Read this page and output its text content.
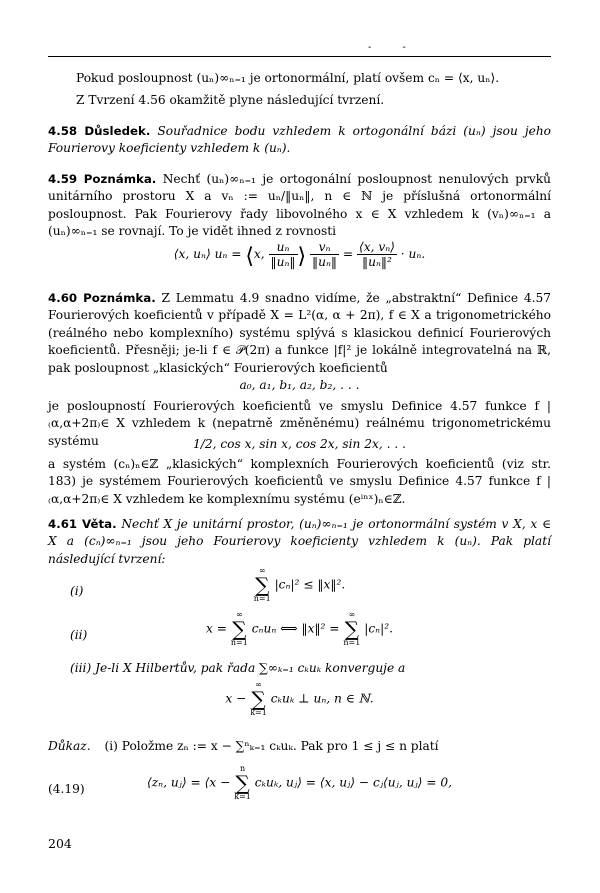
- -
Pokud posloupnost (uₙ)∞ₙ₌₁ je ortonormální, platí ovšem cₙ = ⟨x, uₙ⟩.
Z Tvrzení 4.56 okamžitě plyne následující tvrzení.
4.58 Důsledek. Souřadnice bodu vzhledem k ortogonální bázi (uₙ) jsou jeho Fourierovy koeficienty vzhledem k (uₙ).
4.59 Poznámka. Nechť (uₙ)∞ₙ₌₁ je ortogonální posloupnost nenulových prvků unitárního prostoru X a vₙ := uₙ/‖uₙ‖, n ∈ ℕ je příslušná ortonormální posloupnost. Pak Fourierovy řady libovolného x ∈ X vzhledem k (vₙ)∞ₙ₌₁ a (uₙ)∞ₙ₌₁ se rovnají. To je vidět ihned z rovnosti
⟨x, uₙ⟩ uₙ = ⟨x, $\frac{\text{uₙ}}{\text{‖uₙ‖}}$ ⟩ $\frac{\text{vₙ}}{\text{‖uₙ‖}} = \frac{\text{⟨x, vₙ⟩}}{\text{‖uₙ‖²}} \cdot u_n$.
4.60 Poznámka. Z Lemmatu 4.9 snadno vidíme, že „abstraktní“ Definice 4.57 Fourierových koeficientů v případě X = L²(α, α + 2π), f ∈ X a trigonometrického (reálného nebo komplexního) systému splývá s klasickou definicí Fourierových koeficientů. Přesněji; je-li f ∈ 𝒫(2π) a funkce |f|² je lokálně integrovatelná na ℝ, pak posloupnost „klasických“ Fourierových koeficientů
a₀, a₁, b₁, a₂, b₂, . . .
je posloupností Fourierových koeficientů ve smyslu Definice 4.57 funkce f |₍α,α+2π₎∈ X vzhledem k (nepatrně změněnému) reálnému trigonometrickému systému	1/2, cos x, sin x, cos 2x, sin 2x, . . .
a systém (cₙ)ₙ∈ℤ „klasických“ komplexních Fourierových koeficientů (viz str. 183) je systémem Fourierových koeficientů ve smyslu Definice 4.57 funkce f |₍α,α+2π₎∈ X vzhledem ke komplexnímu systému (eⁱⁿˣ)ₙ∈ℤ.
4.61 Věta. Nechť X je unitární prostor, (uₙ)∞ₙ₌₁ je ortonormální systém v X, x ∈ X a (cₙ)∞ₙ₌₁ jsou jeho Fourierovy koeficienty vzhledem k (uₙ). Pak platí následující tvrzení:
(i)
∞
∑
n=1
|cₙ|² ≤ ‖x‖².
(ii)	x =
∞
∑
n=1
cₙuₙ ⟺ ‖x‖² =
∞
∑
n=1
|cₙ|².
(iii) Je-li X Hilbertův, pak řada ∑∞ₖ₌₁ cₖuₖ konverguje a
x −
∞
∑
k=1
cₖuₖ ⊥ uₙ, n ∈ ℕ.
Důkaz. (i) Položme zₙ := x − ∑ⁿₖ₌₁ cₖuₖ. Pak pro 1 ≤ j ≤ n platí
(4.19)	⟨zₙ, uⱼ⟩ = ⟨x −
n
∑
k=1
cₖuₖ, uⱼ⟩ = ⟨x, uⱼ⟩ − cⱼ⟨uⱼ, uⱼ⟩ = 0,
204
